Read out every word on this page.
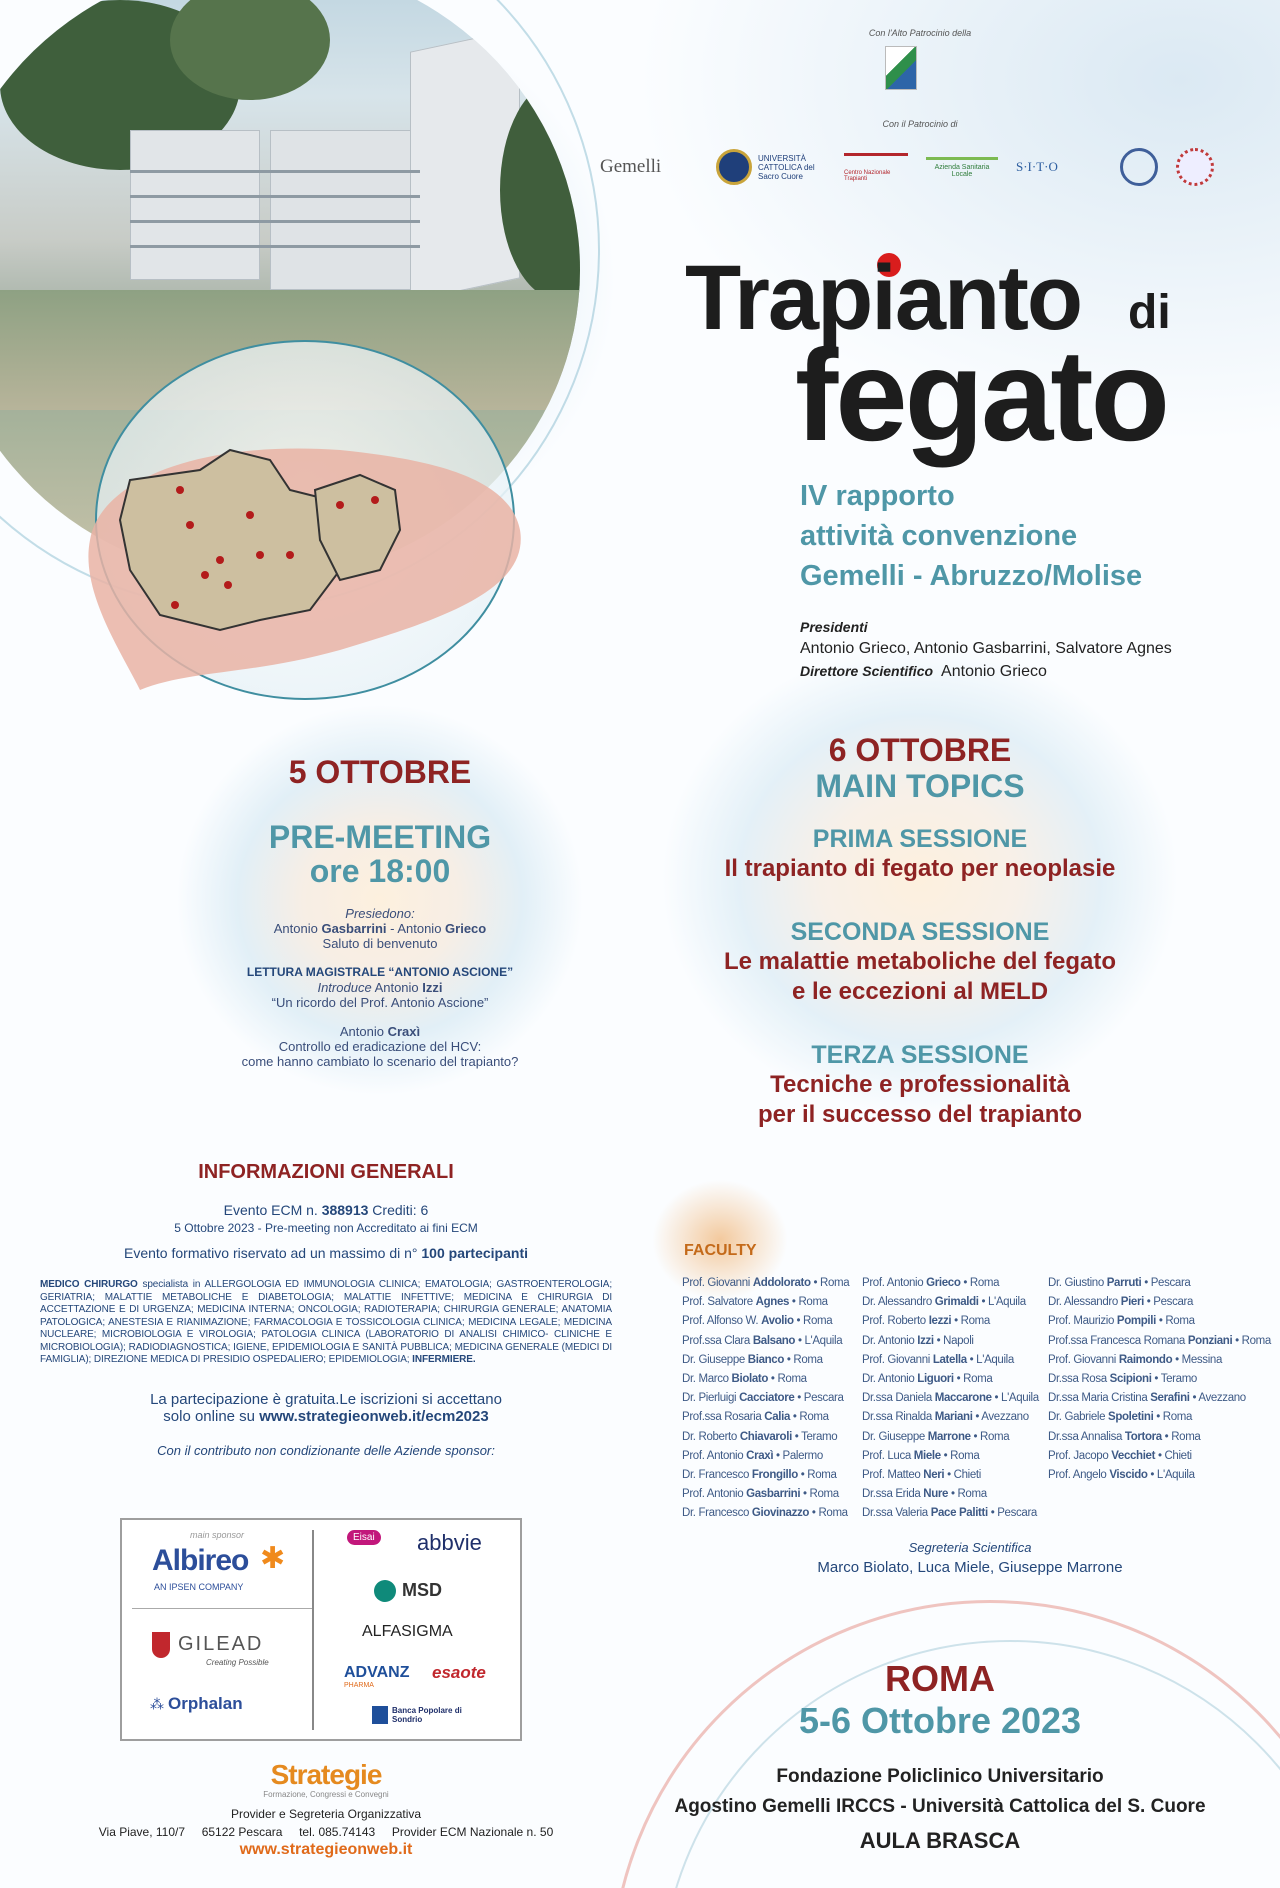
Con l'Alto Patrocinio della
Con il Patrocinio di
Gemelli	UNIVERSITÀ CATTOLICA del Sacro Cuore	Centro Nazionale Trapianti
Azienda Sanitaria Locale	S·I·T·O
Trapianto di
fegato
IV rapporto
attività convenzione
Gemelli - Abruzzo/Molise
Presidenti
Antonio Grieco, Antonio Gasbarrini, Salvatore Agnes
Direttore Scientifico Antonio Grieco
5 OTTOBRE
PRE-MEETING
ore 18:00
Presiedono:
Antonio Gasbarrini - Antonio Grieco
Saluto di benvenuto
LETTURA MAGISTRALE “ANTONIO ASCIONE”
Introduce Antonio Izzi
“Un ricordo del Prof. Antonio Ascione”
Antonio Craxì
Controllo ed eradicazione del HCV:
come hanno cambiato lo scenario del trapianto?
6 OTTOBRE
MAIN TOPICS
PRIMA SESSIONE
Il trapianto di fegato per neoplasie
SECONDA SESSIONE
Le malattie metaboliche del fegato
e le eccezioni al MELD
TERZA SESSIONE
Tecniche e professionalità
per il successo del trapianto
INFORMAZIONI GENERALI
Evento ECM n. 388913 Crediti: 6
5 Ottobre 2023 - Pre-meeting non Accreditato ai fini ECM
Evento formativo riservato ad un massimo di n° 100 partecipanti
MEDICO CHIRURGO specialista in ALLERGOLOGIA ED IMMUNOLOGIA CLINICA; EMATOLOGIA; GASTROENTEROLOGIA; GERIATRIA; MALATTIE METABOLICHE E DIABETOLOGIA; MALATTIE INFETTIVE; MEDICINA E CHIRURGIA DI ACCETTAZIONE E DI URGENZA; MEDICINA INTERNA; ONCOLOGIA; RADIOTERAPIA; CHIRURGIA GENERALE; ANATOMIA PATOLOGICA; ANESTESIA E RIANIMAZIONE; FARMACOLOGIA E TOSSICOLOGIA CLINICA; MEDICINA LEGALE; MEDICINA NUCLEARE; MICROBIOLOGIA E VIROLOGIA; PATOLOGIA CLINICA (LABORATORIO DI ANALISI CHIMICO- CLINICHE E MICROBIOLOGIA); RADIODIAGNOSTICA; IGIENE, EPIDEMIOLOGIA E SANITÀ PUBBLICA; MEDICINA GENERALE (MEDICI DI FAMIGLIA); DIREZIONE MEDICA DI PRESIDIO OSPEDALIERO; EPIDEMIOLOGIA; INFERMIERE.
La partecipazione è gratuita.Le iscrizioni si accettano
solo online su www.strategieonweb.it/ecm2023
Con il contributo non condizionante delle Aziende sponsor:
main sponsor
Albireo ✱
AN IPSEN COMPANY
GILEAD
Creating Possible
⁂ Orphalan
Eisai abbvie
MSD
ALFASIGMA
ADVANZ
PHARMA
esaote
Banca Popolare di Sondrio
Strategie
Formazione, Congressi e Convegni
Provider e Segreteria Organizzativa
Via Piave, 110/7     65122 Pescara     tel. 085.74143     Provider ECM Nazionale n. 50
www.strategieonweb.it
FACULTY
Prof. Giovanni Addolorato • Roma
Prof. Salvatore Agnes • Roma
Prof. Alfonso W. Avolio • Roma
Prof.ssa Clara Balsano • L'Aquila
Dr. Giuseppe Bianco • Roma
Dr. Marco Biolato • Roma
Dr. Pierluigi Cacciatore • Pescara
Prof.ssa Rosaria Calia • Roma
Dr. Roberto Chiavaroli • Teramo
Prof. Antonio Craxì • Palermo
Dr. Francesco Frongillo • Roma
Prof. Antonio Gasbarrini • Roma
Dr. Francesco Giovinazzo • Roma
Prof. Antonio Grieco • Roma
Dr. Alessandro Grimaldi • L'Aquila
Prof. Roberto Iezzi • Roma
Dr. Antonio Izzi • Napoli
Prof. Giovanni Latella • L'Aquila
Dr. Antonio Liguori • Roma
Dr.ssa Daniela Maccarone • L'Aquila
Dr.ssa Rinalda Mariani • Avezzano
Dr. Giuseppe Marrone • Roma
Prof. Luca Miele • Roma
Prof. Matteo Neri • Chieti
Dr.ssa Erida Nure • Roma
Dr.ssa Valeria Pace Palitti • Pescara
Dr. Giustino Parruti • Pescara
Dr. Alessandro Pieri • Pescara
Prof. Maurizio Pompili • Roma
Prof.ssa Francesca Romana Ponziani • Roma
Prof. Giovanni Raimondo • Messina
Dr.ssa Rosa Scipioni • Teramo
Dr.ssa Maria Cristina Serafini • Avezzano
Dr. Gabriele Spoletini • Roma
Dr.ssa Annalisa Tortora • Roma
Prof. Jacopo Vecchiet • Chieti
Prof. Angelo Viscido • L'Aquila
Segreteria Scientifica
Marco Biolato, Luca Miele, Giuseppe Marrone
ROMA
5-6 Ottobre 2023
Fondazione Policlinico Universitario
Agostino Gemelli IRCCS - Università Cattolica del S. Cuore
AULA BRASCA
